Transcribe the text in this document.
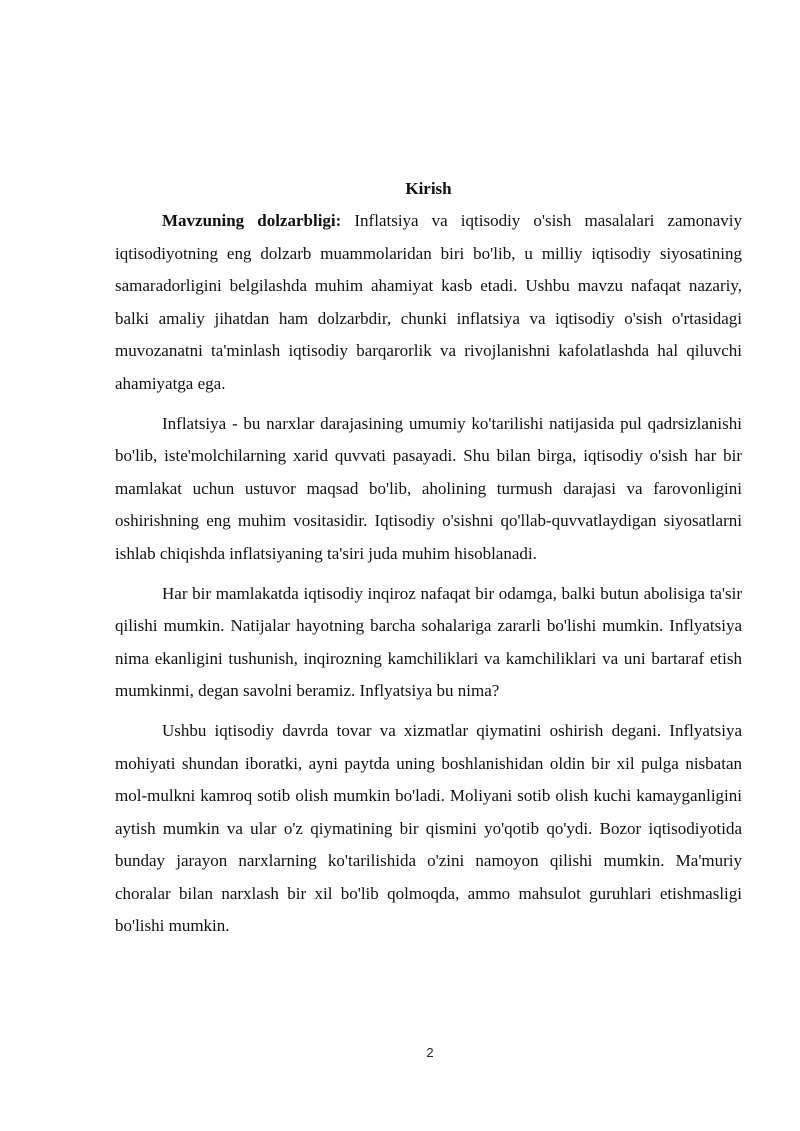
Kirish

Mavzuning dolzarbligi: Inflatsiya va iqtisodiy o'sish masalalari zamonaviy iqtisodiyotning eng dolzarb muammolaridan biri bo'lib, u milliy iqtisodiy siyosatining samaradorligini belgilashda muhim ahamiyat kasb etadi. Ushbu mavzu nafaqat nazariy, balki amaliy jihatdan ham dolzarbdir, chunki inflatsiya va iqtisodiy o'sish o'rtasidagi muvozanatni ta'minlash iqtisodiy barqarorlik va rivojlanishni kafolatlashda hal qiluvchi ahamiyatga ega.

Inflatsiya - bu narxlar darajasining umumiy ko'tarilishi natijasida pul qadrsizlanishi bo'lib, iste'molchilarning xarid quvvati pasayadi. Shu bilan birga, iqtisodiy o'sish har bir mamlakat uchun ustuvor maqsad bo'lib, aholining turmush darajasi va farovonligini oshirishning eng muhim vositasidir. Iqtisodiy o'sishni qo'llab-quvvatlaydigan siyosatlarni ishlab chiqishda inflatsiyaning ta'siri juda muhim hisoblanadi.

Har bir mamlakatda iqtisodiy inqiroz nafaqat bir odamga, balki butun abolisiga ta'sir qilishi mumkin. Natijalar hayotning barcha sohalariga zararli bo'lishi mumkin. Inflyatsiya nima ekanligini tushunish, inqirozning kamchiliklari va kamchiliklari va uni bartaraf etish mumkinmi, degan savolni beramiz. Inflyatsiya bu nima?

Ushbu iqtisodiy davrda tovar va xizmatlar qiymatini oshirish degani. Inflyatsiya mohiyati shundan iboratki, ayni paytda uning boshlanishidan oldin bir xil pulga nisbatan mol-mulkni kamroq sotib olish mumkin bo'ladi. Moliyani sotib olish kuchi kamayganligini aytish mumkin va ular o'z qiymatining bir qismini yo'qotib qo'ydi. Bozor iqtisodiyotida bunday jarayon narxlarning ko'tarilishida o'zini namoyon qilishi mumkin. Ma'muriy choralar bilan narxlash bir xil bo'lib qolmoqda, ammo mahsulot guruhlari etishmasligi bo'lishi mumkin.

2
